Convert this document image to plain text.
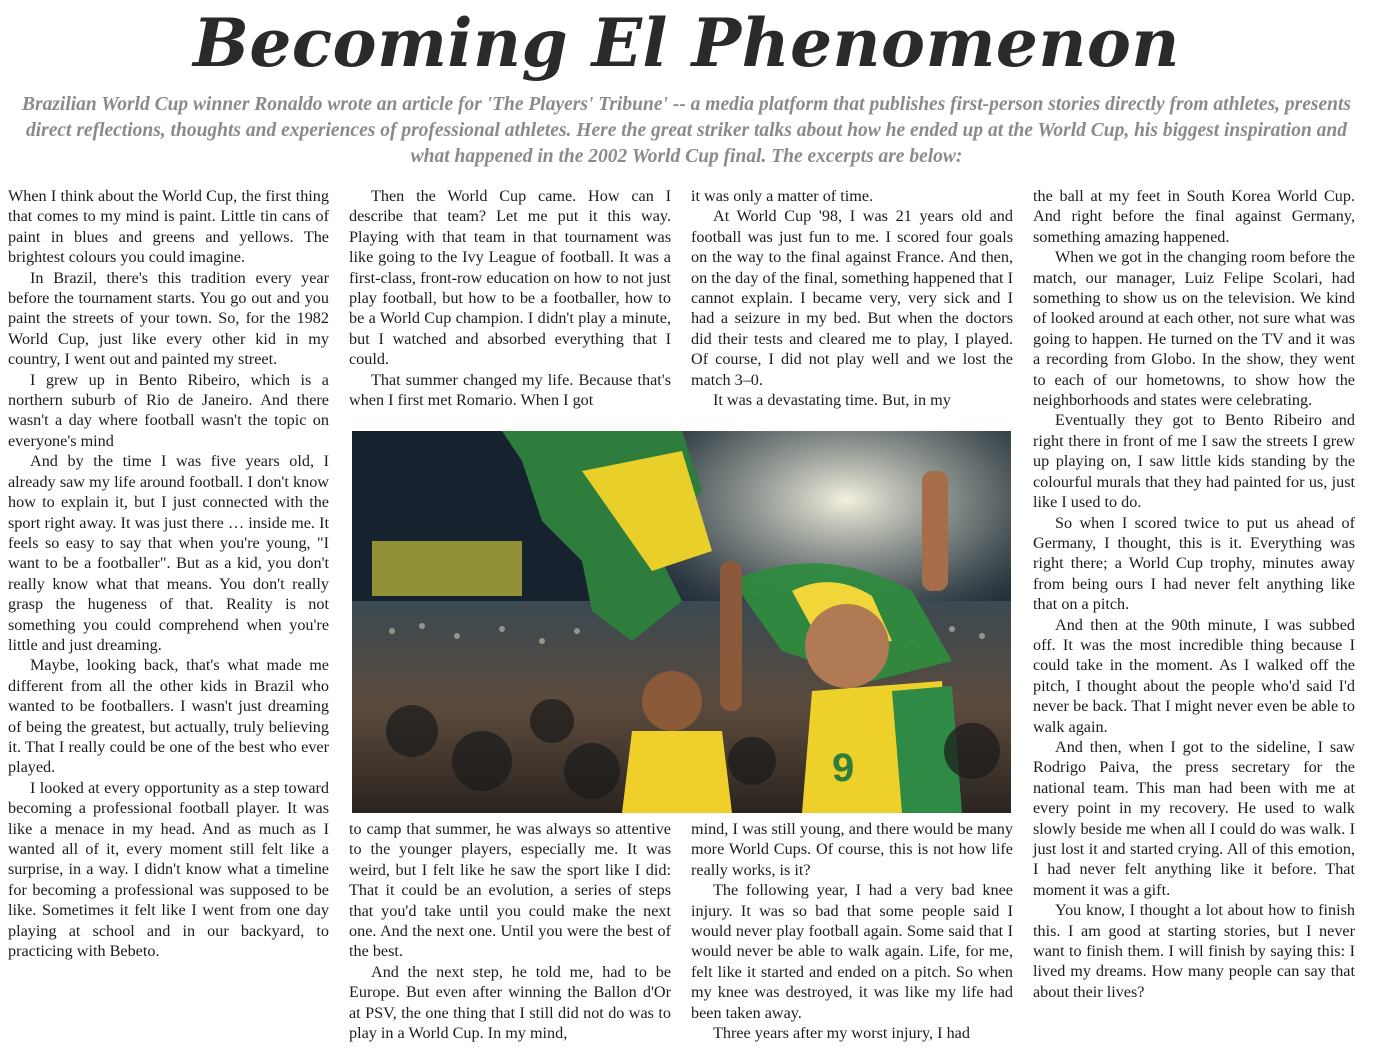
Becoming El Phenomenon
Brazilian World Cup winner Ronaldo wrote an article for 'The Players' Tribune' -- a media platform that publishes first-person stories directly from athletes, presents direct reflections, thoughts and experiences of professional athletes. Here the great striker talks about how he ended up at the World Cup, his biggest inspiration and what happened in the 2002 World Cup final. The excerpts are below:

When I think about the World Cup, the first thing that comes to my mind is paint. Little tin cans of paint in blues and greens and yellows. The brightest colours you could imagine.

In Brazil, there's this tradition every year before the tournament starts. You go out and you paint the streets of your town. So, for the 1982 World Cup, just like every other kid in my country, I went out and painted my street.

I grew up in Bento Ribeiro, which is a northern suburb of Rio de Janeiro. And there wasn't a day where football wasn't the topic on everyone's mind

And by the time I was five years old, I already saw my life around football. I don't know how to explain it, but I just connected with the sport right away. It was just there … inside me. It feels so easy to say that when you're young, "I want to be a footballer". But as a kid, you don't really know what that means. You don't really grasp the hugeness of that. Reality is not something you could comprehend when you're little and just dreaming.

Maybe, looking back, that's what made me different from all the other kids in Brazil who wanted to be footballers. I wasn't just dreaming of being the greatest, but actually, truly believing it. That I really could be one of the best who ever played.

I looked at every opportunity as a step toward becoming a professional football player. It was like a menace in my head. And as much as I wanted all of it, every moment still felt like a surprise, in a way. I didn't know what a timeline for becoming a professional was supposed to be like. Sometimes it felt like I went from one day playing at school and in our backyard, to practicing with Bebeto.

Then the World Cup came. How can I describe that team? Let me put it this way. Playing with that team in that tournament was like going to the Ivy League of football. It was a first-class, front-row education on how to not just play football, but how to be a footballer, how to be a World Cup champion. I didn't play a minute, but I watched and absorbed everything that I could.

That summer changed my life. Because that's when I first met Romario. When I got

it was only a matter of time.

At World Cup '98, I was 21 years old and football was just fun to me. I scored four goals on the way to the final against France. And then, on the day of the final, something happened that I cannot explain. I became very, very sick and I had a seizure in my bed. But when the doctors did their tests and cleared me to play, I played. Of course, I did not play well and we lost the match 3–0.

It was a devastating time. But, in my

9

to camp that summer, he was always so attentive to the younger players, especially me. It was weird, but I felt like he saw the sport like I did: That it could be an evolution, a series of steps that you'd take until you could make the next one. And the next one. Until you were the best of the best.

And the next step, he told me, had to be Europe. But even after winning the Ballon d'Or at PSV, the one thing that I still did not do was to play in a World Cup. In my mind,

mind, I was still young, and there would be many more World Cups. Of course, this is not how life really works, is it?

The following year, I had a very bad knee injury. It was so bad that some people said I would never play football again. Some said that I would never be able to walk again. Life, for me, felt like it started and ended on a pitch. So when my knee was destroyed, it was like my life had been taken away.

Three years after my worst injury, I had

the ball at my feet in South Korea World Cup. And right before the final against Germany, something amazing happened.

When we got in the changing room before the match, our manager, Luiz Felipe Scolari, had something to show us on the television. We kind of looked around at each other, not sure what was going to happen. He turned on the TV and it was a recording from Globo. In the show, they went to each of our hometowns, to show how the neighborhoods and states were celebrating.

Eventually they got to Bento Ribeiro and right there in front of me I saw the streets I grew up playing on, I saw little kids standing by the colourful murals that they had painted for us, just like I used to do.

So when I scored twice to put us ahead of Germany, I thought, this is it. Everything was right there; a World Cup trophy, minutes away from being ours I had never felt anything like that on a pitch.

And then at the 90th minute, I was subbed off. It was the most incredible thing because I could take in the moment. As I walked off the pitch, I thought about the people who'd said I'd never be back. That I might never even be able to walk again.

And then, when I got to the sideline, I saw Rodrigo Paiva, the press secretary for the national team. This man had been with me at every point in my recovery. He used to walk slowly beside me when all I could do was walk. I just lost it and started crying. All of this emotion, I had never felt anything like it before. That moment it was a gift.

You know, I thought a lot about how to finish this. I am good at starting stories, but I never want to finish them. I will finish by saying this: I lived my dreams. How many people can say that about their lives?
